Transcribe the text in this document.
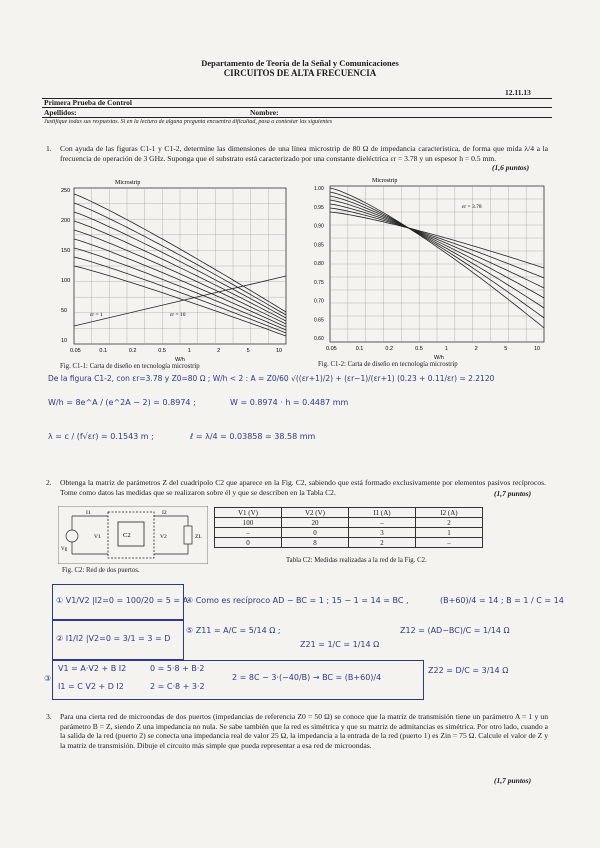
Departamento de Teoría de la Señal y Comunicaciones
CIRCUITOS DE ALTA FRECUENCIA
12.11.13
Primera Prueba de Control
Apellidos:	Nombre:
Justifique todas sus respuestas. Si en la lectura de alguna pregunta encuentra dificultad, pasa a contestar las siguientes
1.	Con ayuda de las figuras C1-1 y C1-2, determine las dimensiones de una línea microstrip de 80 Ω de impedancia característica, de forma que mida λ/4 a la frecuencia de operación de 3 GHz. Suponga que el substrato está caracterizado por una constante dieléctrica εr = 3.78 y un espesor h = 0.5 mm.
(1,6 puntos)
Microstrip
250
200
150
100
50
10
0.05	0.1	0.2	0.5	1	2	5	10
W/h
εr = 1	εr = 10
Fig. C1-1: Carta de diseño en tecnología microstrip
Microstrip
1.00
0.95
0.90
0.85
0.80
0.75
0.70
0.65
0.60
0.05	0.1	0.2	0.5	1	2	5	10
W/h
εr = 3.78
Fig. C1-2: Carta de diseño en tecnología microstrip
De la figura C1-2, con εr=3.78 y Z0=80 Ω ; W/h < 2 : A = Z0/60 √((εr+1)/2) + (εr−1)/(εr+1) (0.23 + 0.11/εr) = 2.2120
W/h = 8e^A / (e^2A − 2) = 0.8974 ;	W = 0.8974 · h = 0.4487 mm
λ = c / (f√εr) = 0.1543 m ;	ℓ = λ/4 = 0.03858 = 38.58 mm
2.	Obtenga la matriz de parámetros Z del cuadripolo C2 que aparece en la Fig. C2, sabiendo que está formado exclusivamente por elementos pasivos recíprocos. Tome como datos las medidas que se realizaron sobre él y que se describen en la Tabla C2.	(1,7 puntos)
C2	ZL
V1	V2
I1	I2
Vg
Fig. C2: Red de dos puertos.
V1 (V)	V2 (V)	I1 (A)	I2 (A)
100	20	–	2
–	0	3	1
0	8	2	–
Tabla C2: Medidas realizadas a la red de la Fig. C2.
① V1/V2 |I2=0 = 100/20 = 5 = A
④ Como es recíproco AD − BC = 1 ; 15 − 1 = 14 = BC ,	(B+60)/4 = 14 ; B = 1 / C = 14
② I1/I2 |V2=0 = 3/1 = 3 = D
⑤ Z11 = A/C = 5/14 Ω ;	Z12 = (AD−BC)/C = 1/14 Ω
Z21 = 1/C = 1/14 Ω
③
V1 = A·V2 + B I2
I1 = C V2 + D I2
0 = 5·8 + B·2
2 = C·8 + 3·2
2 = 8C − 3·(−40/B) → BC = (B+60)/4
Z22 = D/C = 3/14 Ω
3.	Para una cierta red de microondas de dos puertos (impedancias de referencia Z0 = 50 Ω) se conoce que la matriz de transmisión tiene un parámetro A = 1 y un parámetro B = Z, siendo Z una impedancia no nula. Se sabe también que la red es simétrica y que su matriz de admitancias es simétrica. Por otro lado, cuando a la salida de la red (puerto 2) se conecta una impedancia real de valor 25 Ω, la impedancia a la entrada de la red (puerto 1) es Zin = 75 Ω. Calcule el valor de Z y la matriz de transmisión. Dibuje el circuito más simple que pueda representar a esa red de microondas.
(1,7 puntos)
